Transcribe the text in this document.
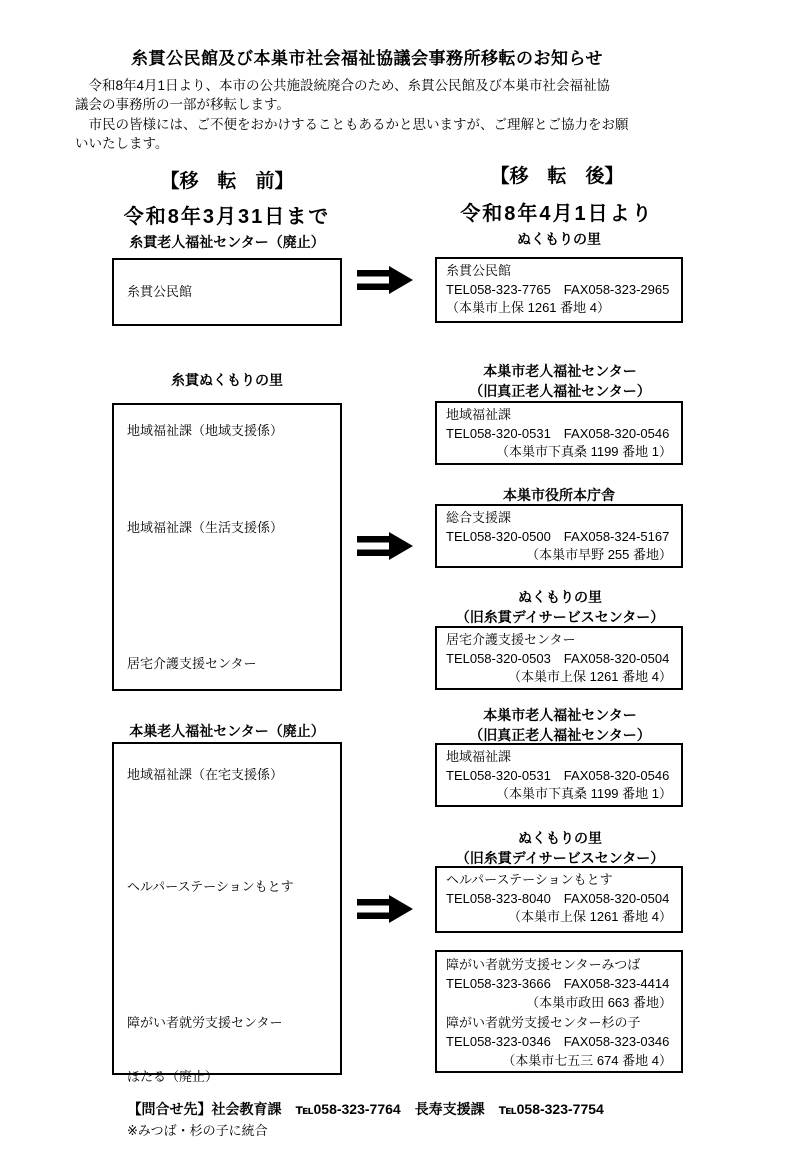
糸貫公民館及び本巣市社会福祉協議会事務所移転のお知らせ
　令和8年4月1日より、本市の公共施設統廃合のため、糸貫公民館及び本巣市社会福祉協
議会の事務所の一部が移転します。
　市民の皆様には、ご不便をおかけすることもあるかと思いますが、ご理解とご協力をお願
いいたします。
【移　転　前】	【移　転　後】
令和8年3月31日まで	令和8年4月1日より
糸貫老人福祉センター（廃止）
糸貫公民館
ぬくもりの里
糸貫公民館
TEL058-323-7765　FAX058-323-2965
（本巣市上保 1261 番地 4）
糸貫ぬくもりの里
地域福祉課（地域支援係）
地域福祉課（生活支援係）
居宅介護支援センター
本巣市老人福祉センター
（旧真正老人福祉センター）
地域福祉課
TEL058-320-0531　FAX058-320-0546
（本巣市下真桑 1199 番地 1）
本巣市役所本庁舎
総合支援課
TEL058-320-0500　FAX058-324-5167
（本巣市早野 255 番地）
ぬくもりの里
（旧糸貫デイサービスセンター）
居宅介護支援センター
TEL058-320-0503　FAX058-320-0504
（本巣市上保 1261 番地 4）
本巣老人福祉センター（廃止）
地域福祉課（在宅支援係）
ヘルパーステーションもとす

障がい者就労支援センター

ほたる（廃止）

※みつば・杉の子に統合

本巣市老人福祉センター
（旧真正老人福祉センター）
地域福祉課
TEL058-320-0531　FAX058-320-0546
（本巣市下真桑 1199 番地 1）
ぬくもりの里
（旧糸貫デイサービスセンター）
ヘルパーステーションもとす
TEL058-323-8040　FAX058-320-0504
（本巣市上保 1261 番地 4）
障がい者就労支援センターみつば
TEL058-323-3666　FAX058-323-4414
（本巣市政田 663 番地）
障がい者就労支援センター杉の子
TEL058-323-0346　FAX058-323-0346
（本巣市七五三 674 番地 4）

【問合せ先】社会教育課　 ℡058-323-7764　 長寿支援課　 ℡058-323-7754
